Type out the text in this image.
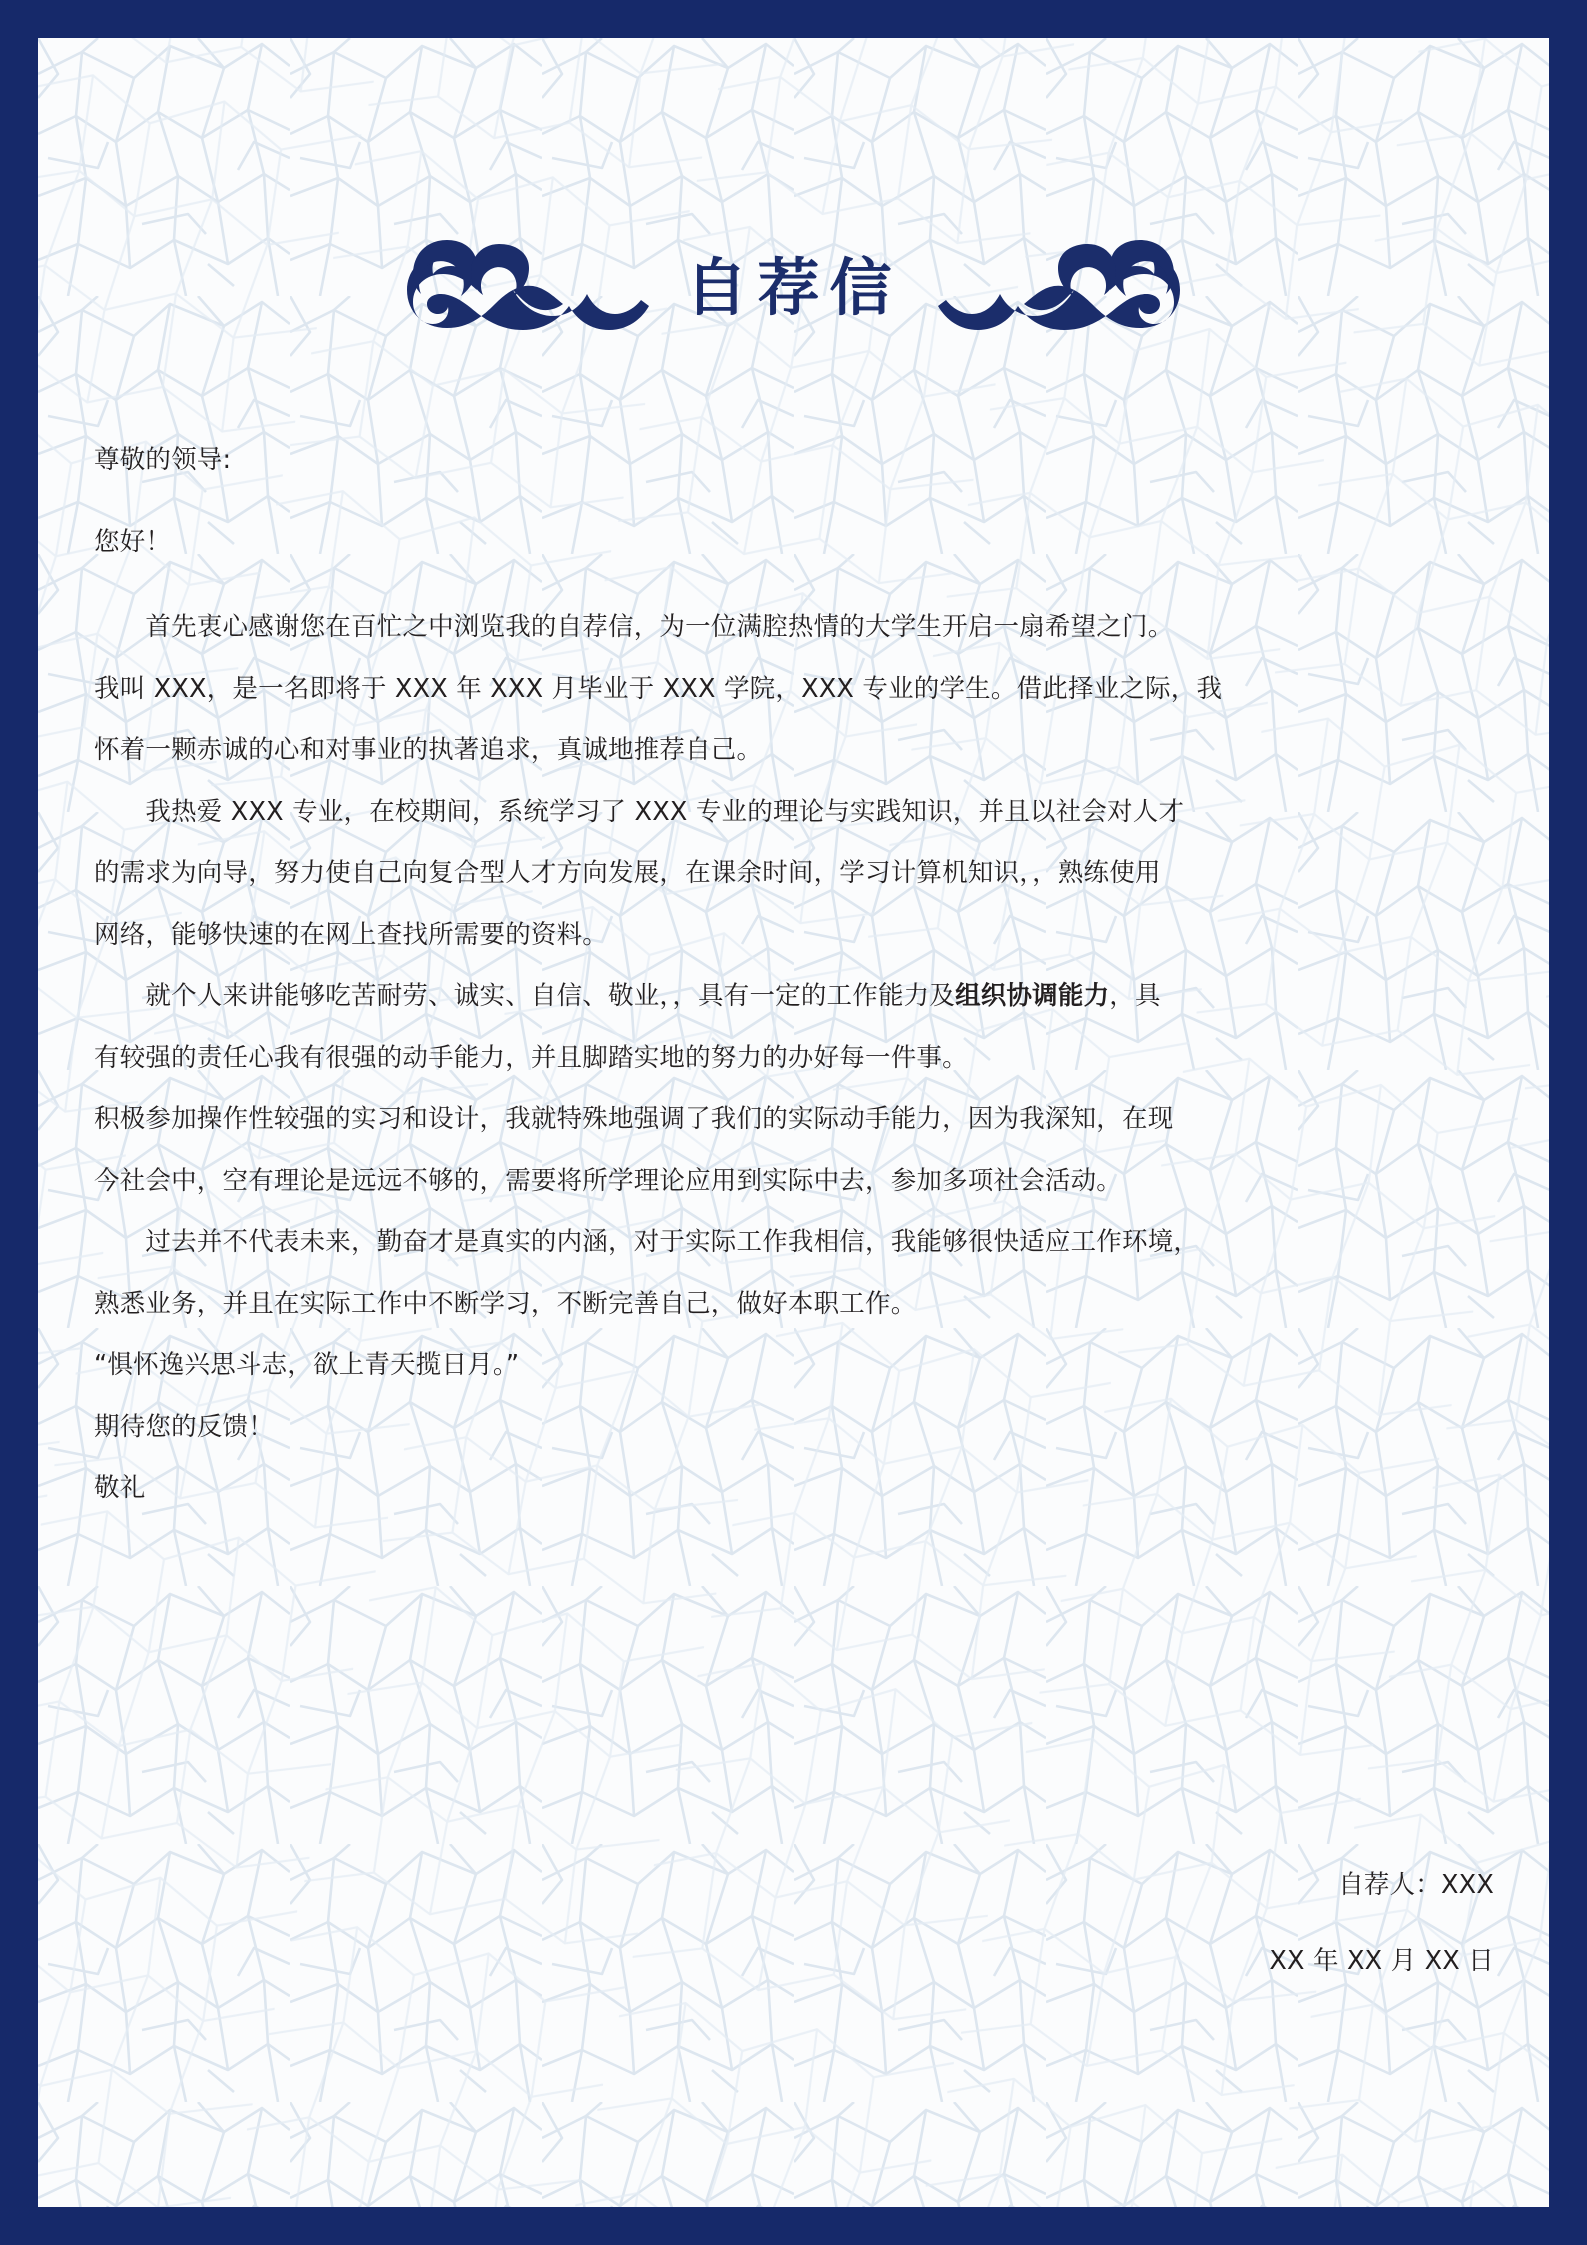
自荐信
尊敬的领导:
您好！
　　首先衷心感谢您在百忙之中浏览我的自荐信，为一位满腔热情的大学生开启一扇希望之门。
我叫 XXX，是一名即将于 XXX 年 XXX 月毕业于 XXX 学院，XXX 专业的学生。借此择业之际，我
怀着一颗赤诚的心和对事业的执著追求，真诚地推荐自己。
　　我热爱 XXX 专业，在校期间，系统学习了 XXX 专业的理论与实践知识，并且以社会对人才
的需求为向导，努力使自己向复合型人才方向发展，在课余时间，学习计算机知识，，熟练使用
网络，能够快速的在网上查找所需要的资料。
　　就个人来讲能够吃苦耐劳、诚实、自信、敬业，，具有一定的工作能力及组织协调能力，具
有较强的责任心我有很强的动手能力，并且脚踏实地的努力的办好每一件事。
积极参加操作性较强的实习和设计，我就特殊地强调了我们的实际动手能力，因为我深知，在现
今社会中，空有理论是远远不够的，需要将所学理论应用到实际中去，参加多项社会活动。
　　过去并不代表未来，勤奋才是真实的内涵，对于实际工作我相信，我能够很快适应工作环境，
熟悉业务，并且在实际工作中不断学习，不断完善自己，做好本职工作。
“惧怀逸兴思斗志，欲上青天揽日月。”
期待您的反馈！
敬礼
自荐人：XXX
XX 年 XX 月 XX 日
